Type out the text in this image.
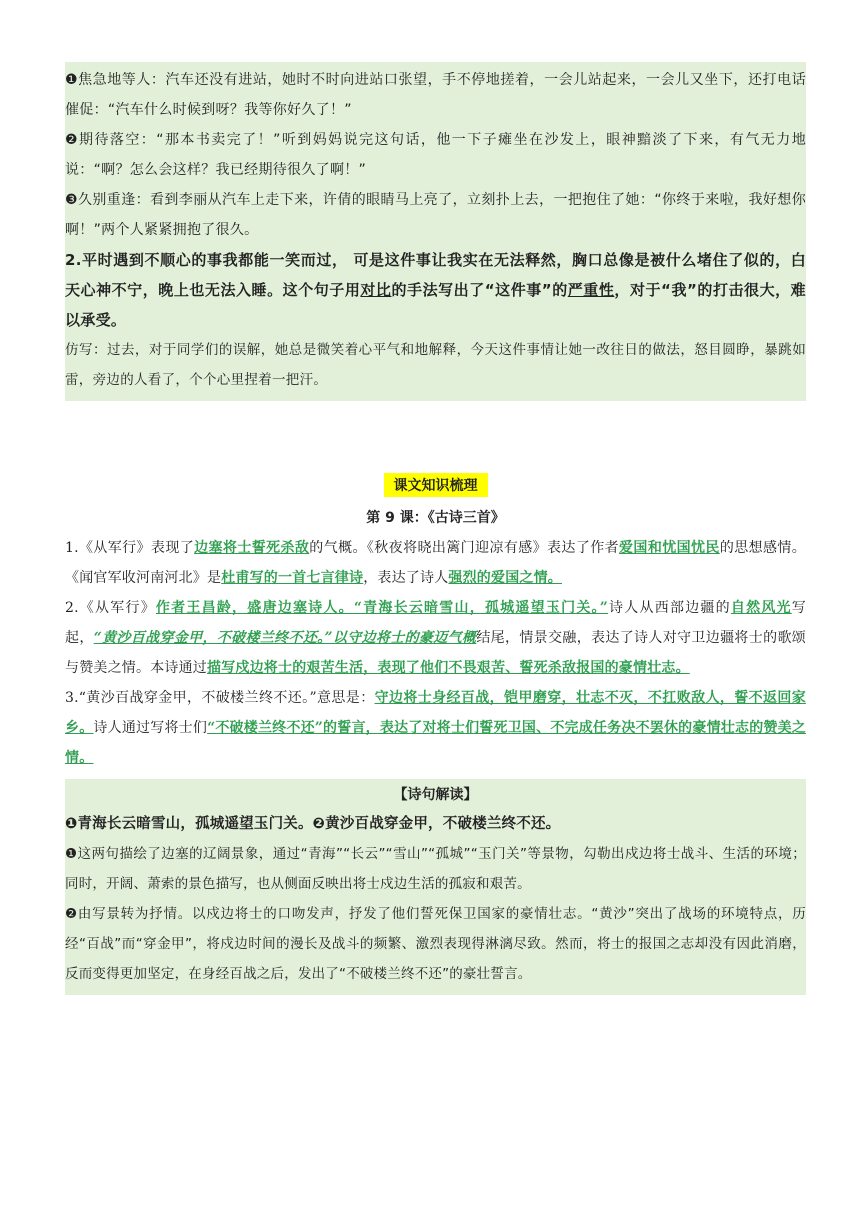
❶焦急地等人：汽车还没有进站，她时不时向进站口张望，手不停地搓着，一会儿站起来，一会儿又坐下，还打电话催促：“汽车什么时候到呀？我等你好久了！”

❷期待落空：“那本书卖完了！”听到妈妈说完这句话，他一下子瘫坐在沙发上，眼神黯淡了下来，有气无力地说：“啊？怎么会这样？我已经期待很久了啊！”

❸久别重逢：看到李丽从汽车上走下来，许倩的眼睛马上亮了，立刻扑上去，一把抱住了她：“你终于来啦，我好想你啊！”两个人紧紧拥抱了很久。

2.平时遇到不顺心的事我都能一笑而过， 可是这件事让我实在无法释然，胸口总像是被什么堵住了似的，白天心神不宁，晚上也无法入睡。这个句子用对比的手法写出了“这件事”的严重性，对于“我”的打击很大，难以承受。

仿写：过去，对于同学们的误解，她总是微笑着心平气和地解释，今天这件事情让她一改往日的做法，怒目圆睁，暴跳如雷，旁边的人看了，个个心里捏着一把汗。

课文知识梳理
第 9 课：《古诗三首》

1.《从军行》表现了边塞将士誓死杀敌的气概。《秋夜将晓出篱门迎凉有感》表达了作者爱国和忧国忧民的思想感情。《闻官军收河南河北》是杜甫写的一首七言律诗，表达了诗人强烈的爱国之情。

2.《从军行》作者王昌龄，盛唐边塞诗人。“青海长云暗雪山，孤城遥望玉门关。”诗人从西部边疆的自然风光写起，“黄沙百战穿金甲，不破楼兰终不还。”以守边将士的豪迈气概结尾，情景交融，表达了诗人对守卫边疆将士的歌颂与赞美之情。本诗通过描写戍边将士的艰苦生活，表现了他们不畏艰苦、誓死杀敌报国的豪情壮志。

3.“黄沙百战穿金甲，不破楼兰终不还。”意思是：守边将士身经百战，铠甲磨穿，壮志不灭，不扛败敌人，誓不返回家乡。诗人通过写将士们“不破楼兰终不还”的誓言，表达了对将士们誓死卫国、不完成任务决不罢休的豪情壮志的赞美之情。

【诗句解读】

❶青海长云暗雪山，孤城遥望玉门关。❷黄沙百战穿金甲，不破楼兰终不还。

❶这两句描绘了边塞的辽阔景象，通过“青海”“长云”“雪山”“孤城”“玉门关”等景物，勾勒出戍边将士战斗、生活的环境；同时，开阔、萧索的景色描写，也从侧面反映出将士戍边生活的孤寂和艰苦。

❷由写景转为抒情。以戍边将士的口吻发声，抒发了他们誓死保卫国家的豪情壮志。“黄沙”突出了战场的环境特点，历经“百战”而“穿金甲”，将戍边时间的漫长及战斗的频繁、激烈表现得淋漓尽致。然而，将士的报国之志却没有因此消磨，反而变得更加坚定，在身经百战之后，发出了“不破楼兰终不还”的豪壮誓言。
